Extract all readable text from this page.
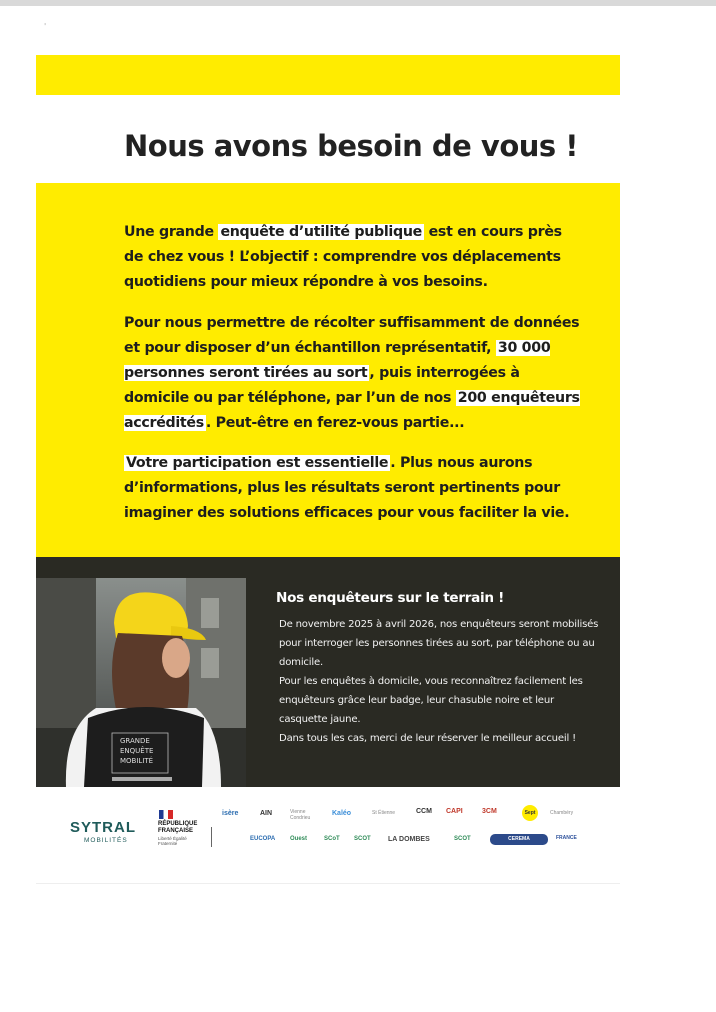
'
Nous avons besoin de vous !

Une grande enquête d’utilité publique est en cours près de chez vous ! L’objectif : comprendre vos déplacements quotidiens pour mieux répondre à vos besoins.

Pour nous permettre de récolter suffisamment de données et pour disposer d’un échantillon représentatif, 30 000 personnes seront tirées au sort , puis interrogées à domicile ou par téléphone, par l’un de nos 200 enquêteurs accrédités . Peut-être en ferez-vous partie...

Votre participation est essentielle . Plus nous aurons d’informations, plus les résultats seront pertinents pour imaginer des solutions efficaces pour vous faciliter la vie.

GRANDE
ENQUÊTE
MOBILITÉ
Nos enquêteurs sur le terrain !

De novembre 2025 à avril 2026, nos enquêteurs seront mobilisés pour interroger les personnes tirées au sort, par téléphone ou au domicile.
Pour les enquêtes à domicile, vous reconnaîtrez facilement les enquêteurs grâce leur badge, leur chasuble noire et leur casquette jaune.
Dans tous les cas, merci de leur réserver le meilleur accueil !

SYTRAL
MOBILITÉS
RÉPUBLIQUE FRANÇAISE
Liberté Égalité Fraternité
isère	AIN	Vienne Condrieu
Kaléo	St Étienne	CCM CAPI	3CM	Sept	Chambéry
EUCOPA Ouest	SCoT SCOT LA DOMBES	SCOT	CEREMA	FRANCE
